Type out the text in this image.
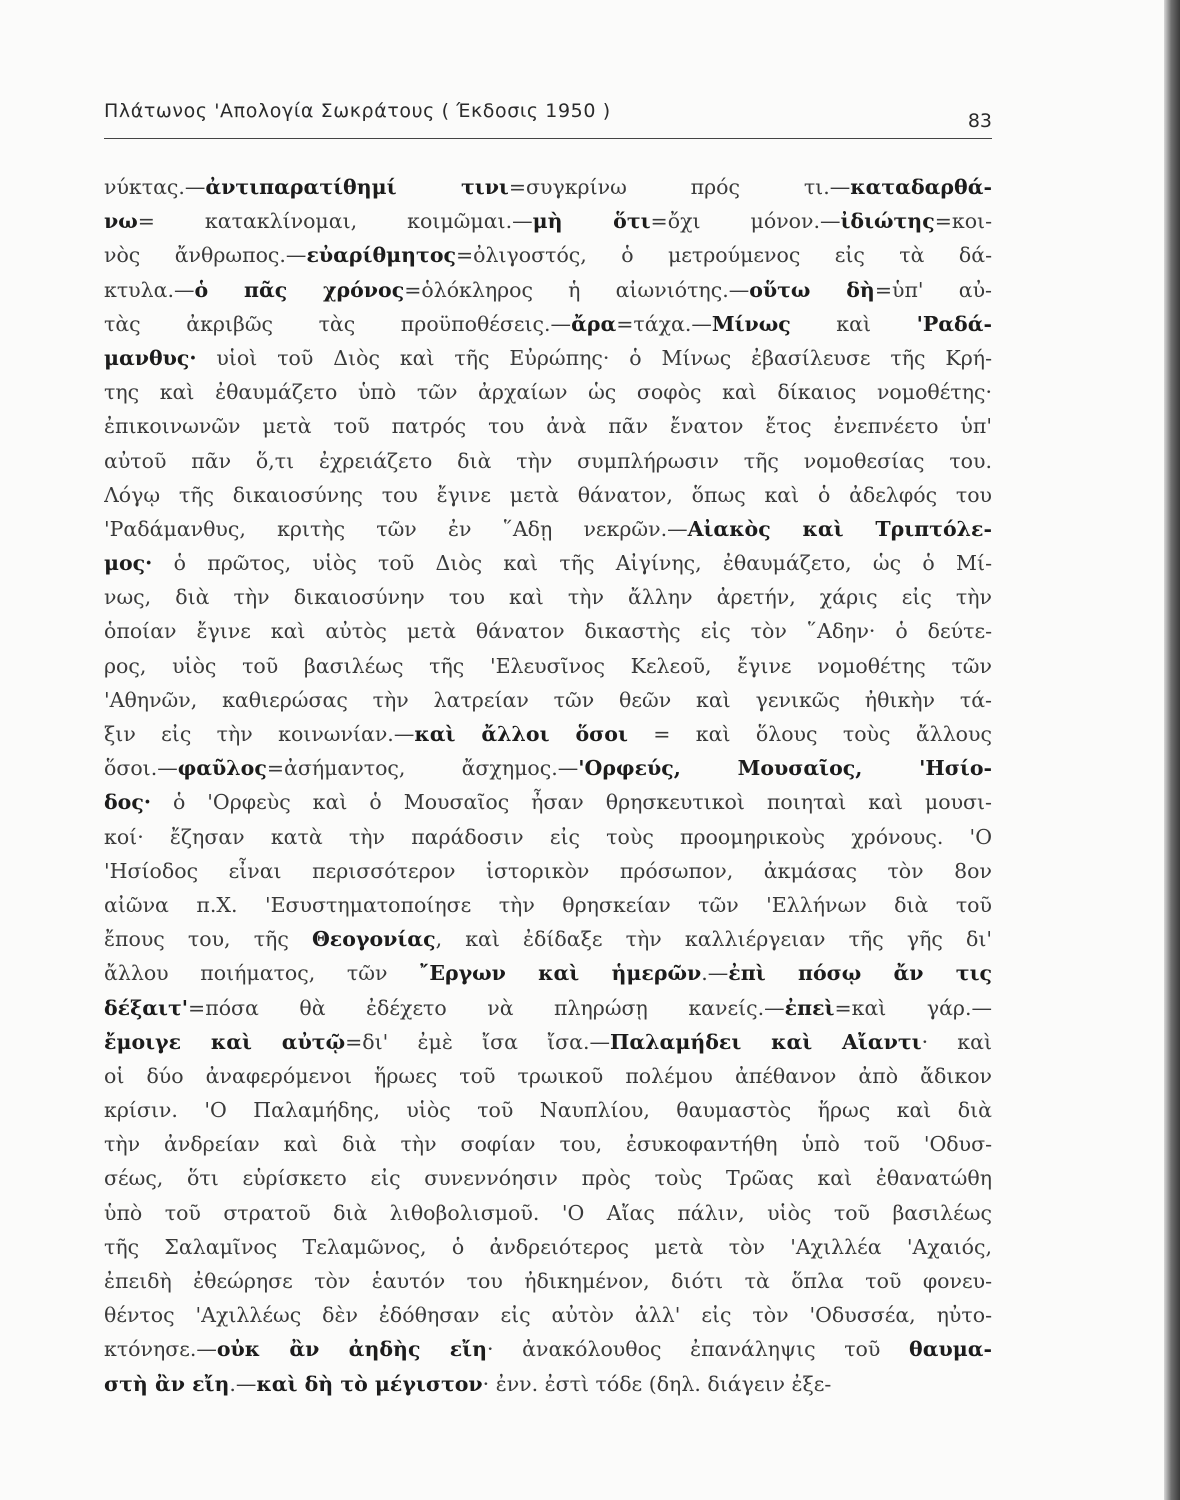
Πλάτωνος 'Απολογία Σωκράτους ( Έκδοσις 1950 )	83
νύκτας.—ἀντιπαρατίθημί τινι=συγκρίνω πρός τι.—καταδαρθά-
νω= κατακλίνομαι, κοιμῶμαι.—μὴ ὅτι=ὄχι μόνον.—ἰδιώτης=κοι-
νὸς ἄνθρωπος.—εὐαρίθμητος=ὀλιγοστός, ὁ μετρούμενος εἰς τὰ δά-
κτυλα.—ὁ πᾶς χρόνος=ὁλόκληρος ἡ αἰωνιότης.—οὕτω δὴ=ὑπ' αὐ-
τὰς ἀκριβῶς τὰς προϋποθέσεις.—ἄρα=τάχα.—Μίνως καὶ 'Ραδά-
μανθυς· υἱοὶ τοῦ Διὸς καὶ τῆς Εὐρώπης· ὁ Μίνως ἐβασίλευσε τῆς Κρή-
της καὶ ἐθαυμάζετο ὑπὸ τῶν ἀρχαίων ὡς σοφὸς καὶ δίκαιος νομοθέτης·
ἐπικοινωνῶν μετὰ τοῦ πατρός του ἀνὰ πᾶν ἔνατον ἔτος ἐνεπνέετο ὑπ'
αὐτοῦ πᾶν ὅ,τι ἐχρειάζετο διὰ τὴν συμπλήρωσιν τῆς νομοθεσίας του.
Λόγῳ τῆς δικαιοσύνης του ἔγινε μετὰ θάνατον, ὅπως καὶ ὁ ἀδελφός του
'Ραδάμανθυς, κριτὴς τῶν ἐν ῞Αδῃ νεκρῶν.—Αἰακὸς καὶ Τριπτόλε-
μος· ὁ πρῶτος, υἱὸς τοῦ Διὸς καὶ τῆς Αἰγίνης, ἐθαυμάζετο, ὡς ὁ Μί-
νως, διὰ τὴν δικαιοσύνην του καὶ τὴν ἄλλην ἀρετήν, χάρις εἰς τὴν
ὁποίαν ἔγινε καὶ αὐτὸς μετὰ θάνατον δικαστὴς εἰς τὸν ῞Αδην· ὁ δεύτε-
ρος, υἱὸς τοῦ βασιλέως τῆς 'Ελευσῖνος Κελεοῦ, ἔγινε νομοθέτης τῶν
'Αθηνῶν, καθιερώσας τὴν λατρείαν τῶν θεῶν καὶ γενικῶς ἠθικὴν τά-
ξιν εἰς τὴν κοινωνίαν.—καὶ ἄλλοι ὅσοι = καὶ ὅλους τοὺς ἄλλους
ὅσοι.—φαῦλος=ἀσήμαντος, ἄσχημος.—'Ορφεύς, Μουσαῖος, 'Ησίο-
δος· ὁ 'Ορφεὺς καὶ ὁ Μουσαῖος ἦσαν θρησκευτικοὶ ποιηταὶ καὶ μουσι-
κοί· ἔζησαν κατὰ τὴν παράδοσιν εἰς τοὺς προομηρικοὺς χρόνους. 'Ο
'Ησίοδος εἶναι περισσότερον ἱστορικὸν πρόσωπον, ἀκμάσας τὸν 8ον
αἰῶνα π.Χ. 'Εσυστηματοποίησε τὴν θρησκείαν τῶν 'Ελλήνων διὰ τοῦ
ἔπους του, τῆς Θεογονίας, καὶ ἐδίδαξε τὴν καλλιέργειαν τῆς γῆς δι'
ἄλλου ποιήματος, τῶν ῎Εργων καὶ ἡμερῶν.—ἐπὶ πόσῳ ἄν τις
δέξαιτ'=πόσα θὰ ἐδέχετο νὰ πληρώσῃ κανείς.—ἐπεὶ=καὶ γάρ.—
ἔμοιγε καὶ αὐτῷ=δι' ἐμὲ ἴσα ἴσα.—Παλαμήδει καὶ Αἴαντι· καὶ
οἱ δύο ἀναφερόμενοι ἥρωες τοῦ τρωικοῦ πολέμου ἀπέθανον ἀπὸ ἄδικον
κρίσιν. 'Ο Παλαμήδης, υἱὸς τοῦ Ναυπλίου, θαυμαστὸς ἥρως καὶ διὰ
τὴν ἀνδρείαν καὶ διὰ τὴν σοφίαν του, ἐσυκοφαντήθη ὑπὸ τοῦ 'Οδυσ-
σέως, ὅτι εὑρίσκετο εἰς συνεννόησιν πρὸς τοὺς Τρῶας καὶ ἐθανατώθη
ὑπὸ τοῦ στρατοῦ διὰ λιθοβολισμοῦ. 'Ο Αἴας πάλιν, υἱὸς τοῦ βασιλέως
τῆς Σαλαμῖνος Τελαμῶνος, ὁ ἀνδρειότερος μετὰ τὸν 'Αχιλλέα 'Αχαιός,
ἐπειδὴ ἐθεώρησε τὸν ἑαυτόν του ἠδικημένον, διότι τὰ ὅπλα τοῦ φονευ-
θέντος 'Αχιλλέως δὲν ἐδόθησαν εἰς αὐτὸν ἀλλ' εἰς τὸν 'Οδυσσέα, ηὐτο-
κτόνησε.—οὐκ ἂν ἀηδὴς εἴη· ἀνακόλουθος ἐπανάληψις τοῦ θαυμα-
στὴ ἂν εἴη.—καὶ δὴ τὸ μέγιστον· ἐνν. ἐστὶ τόδε (δηλ. διάγειν ἐξε-
